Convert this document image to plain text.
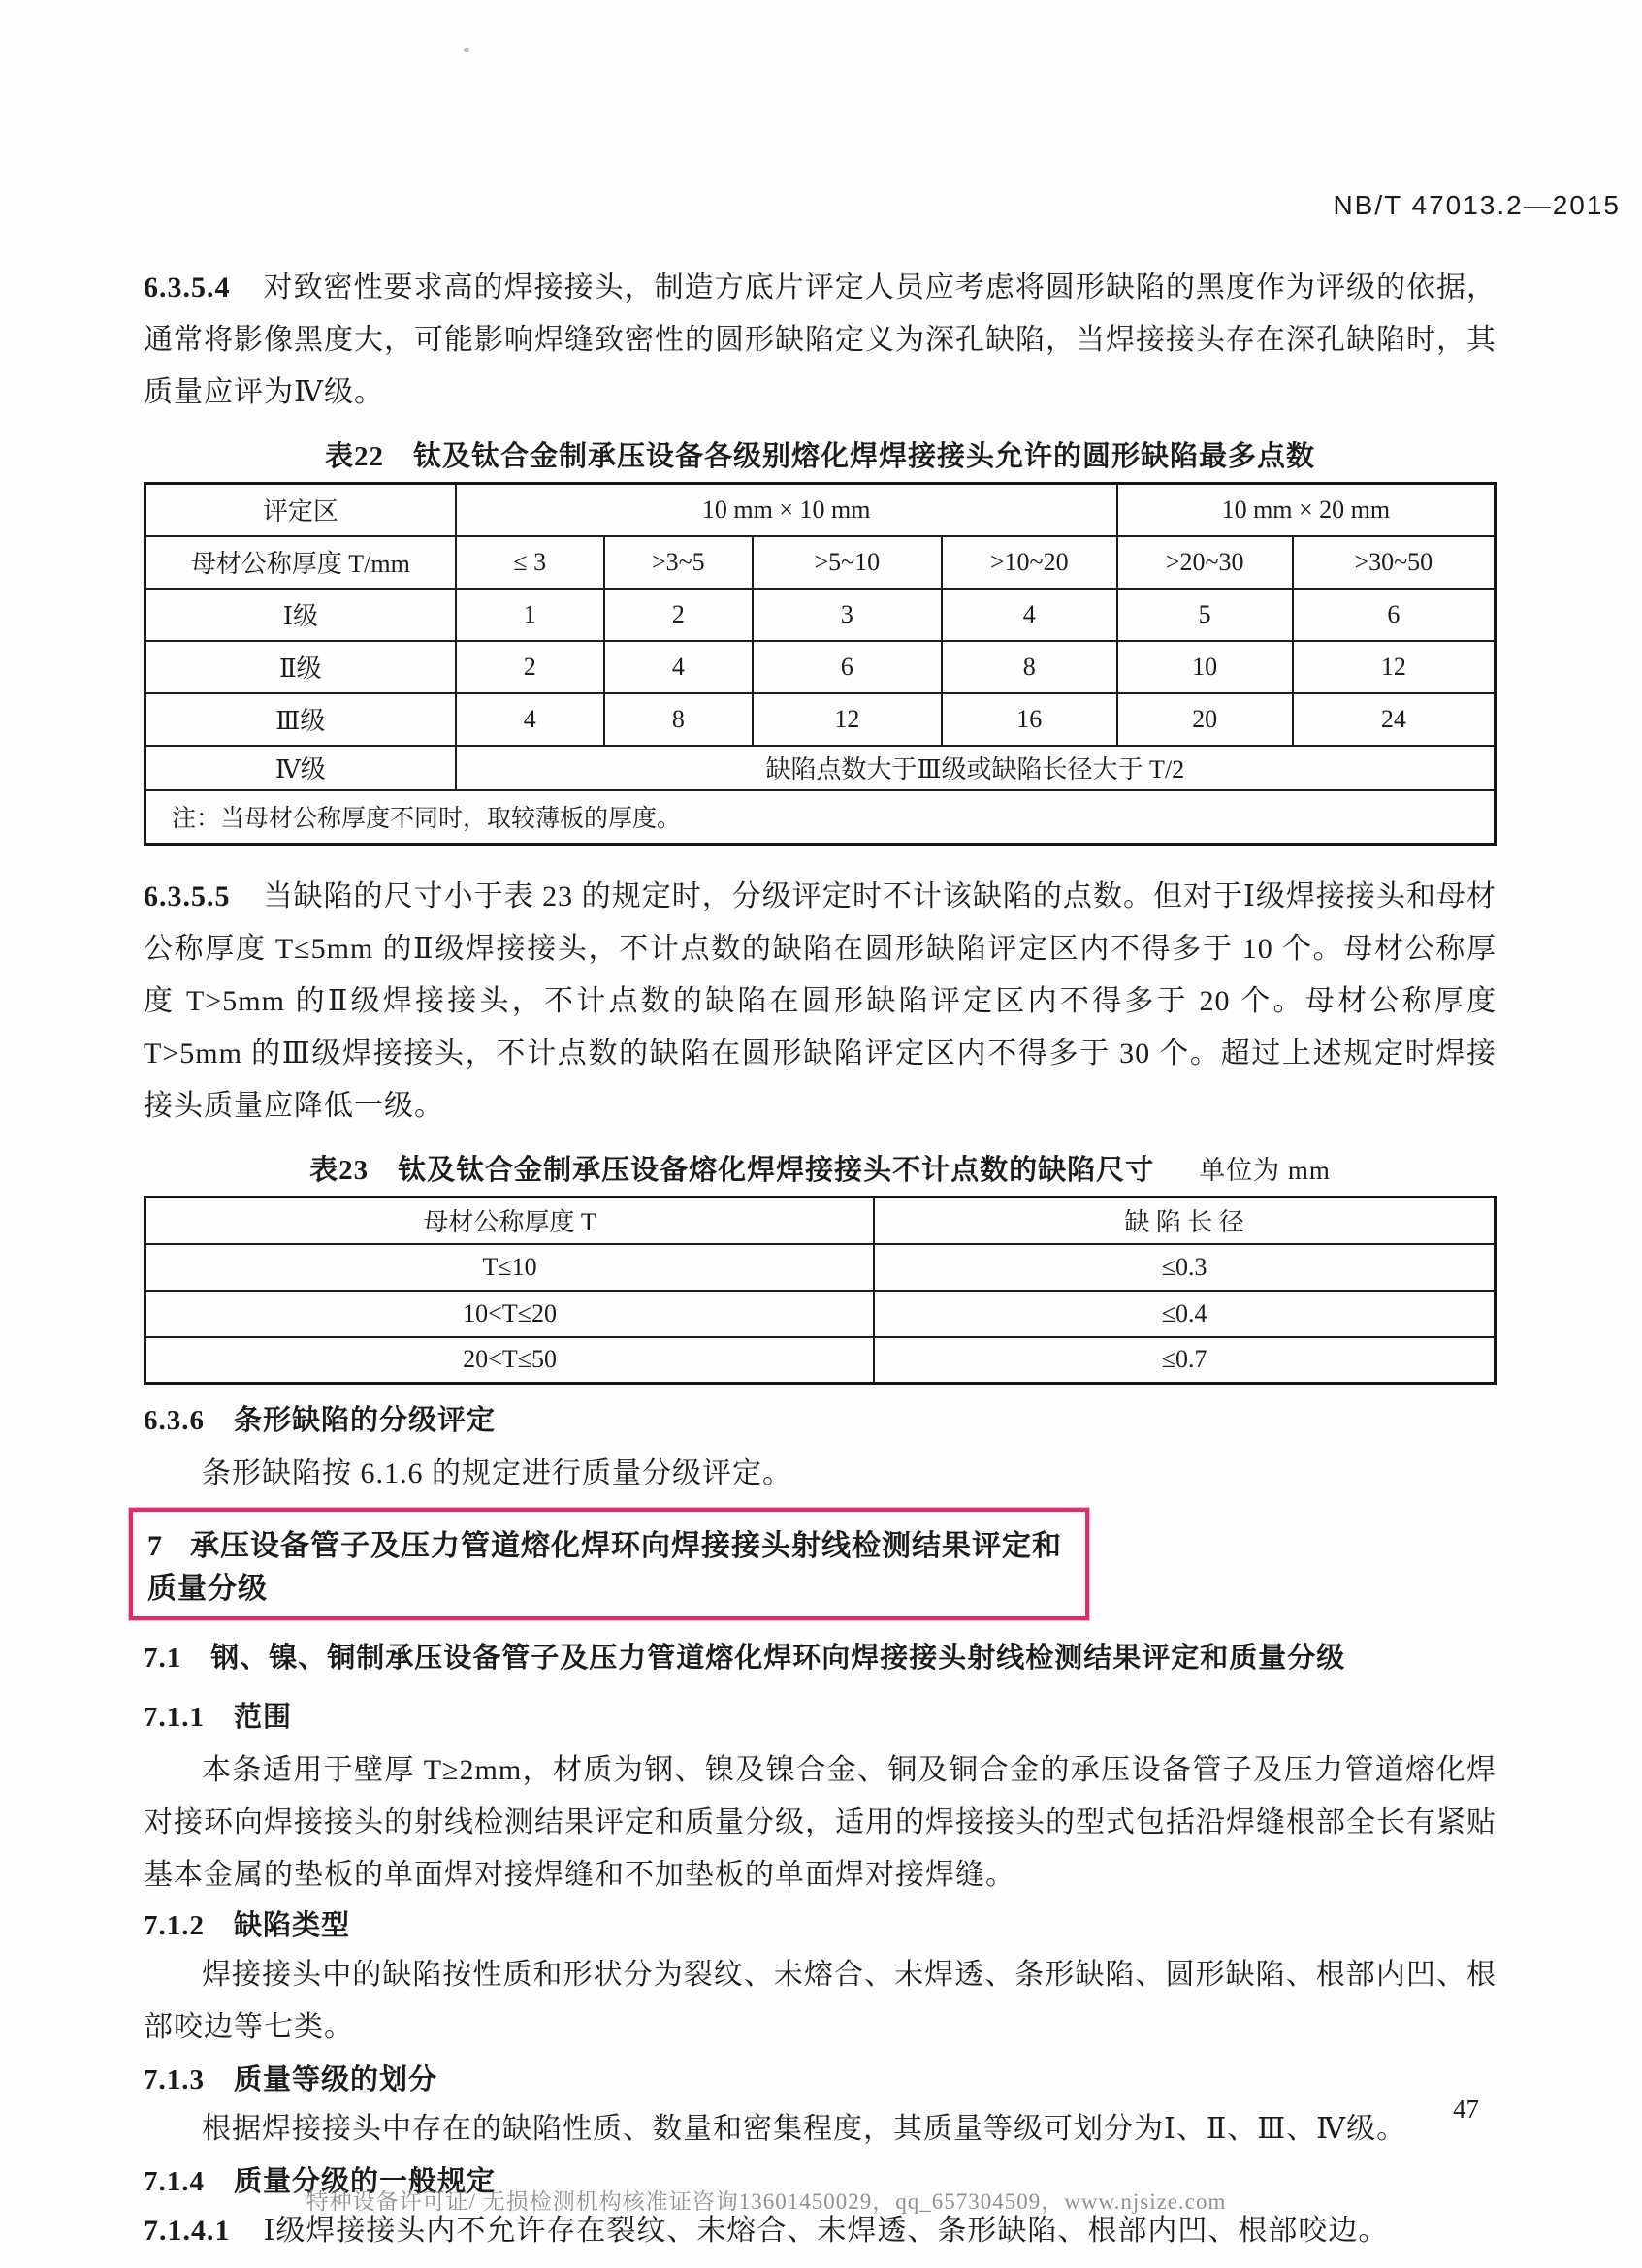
NB/T 47013.2—2015
6.3.5.4 对致密性要求高的焊接接头，制造方底片评定人员应考虑将圆形缺陷的黑度作为评级的依据，通常将影像黑度大，可能影响焊缝致密性的圆形缺陷定义为深孔缺陷，当焊接接头存在深孔缺陷时，其质量应评为Ⅳ级。
表22　钛及钛合金制承压设备各级别熔化焊焊接接头允许的圆形缺陷最多点数
评定区	10 mm × 10 mm				10 mm × 20 mm	
母材公称厚度 T/mm	≤ 3	>3~5	>5~10	>10~20	>20~30	>30~50
Ⅰ级	1	2	3	4	5	6
Ⅱ级	2	4	6	8	10	12
Ⅲ级	4	8	12	16	20	24
Ⅳ级	缺陷点数大于Ⅲ级或缺陷长径大于 T/2					
注：当母材公称厚度不同时，取较薄板的厚度。						
6.3.5.5 当缺陷的尺寸小于表 23 的规定时，分级评定时不计该缺陷的点数。但对于Ⅰ级焊接接头和母材公称厚度 T≤5mm 的Ⅱ级焊接接头，不计点数的缺陷在圆形缺陷评定区内不得多于 10 个。母材公称厚度 T>5mm 的Ⅱ级焊接接头，不计点数的缺陷在圆形缺陷评定区内不得多于 20 个。母材公称厚度 T>5mm 的Ⅲ级焊接接头，不计点数的缺陷在圆形缺陷评定区内不得多于 30 个。超过上述规定时焊接接头质量应降低一级。
表23　钛及钛合金制承压设备熔化焊焊接接头不计点数的缺陷尺寸 单位为 mm
母材公称厚度 T	缺 陷 长 径
T≤10	≤0.3
10<T≤20	≤0.4
20<T≤50	≤0.7
6.3.6 条形缺陷的分级评定
条形缺陷按 6.1.6 的规定进行质量分级评定。
7 承压设备管子及压力管道熔化焊环向焊接接头射线检测结果评定和质量分级
7.1 钢、镍、铜制承压设备管子及压力管道熔化焊环向焊接接头射线检测结果评定和质量分级
7.1.1 范围
本条适用于壁厚 T≥2mm，材质为钢、镍及镍合金、铜及铜合金的承压设备管子及压力管道熔化焊对接环向焊接接头的射线检测结果评定和质量分级，适用的焊接接头的型式包括沿焊缝根部全长有紧贴基本金属的垫板的单面焊对接焊缝和不加垫板的单面焊对接焊缝。
7.1.2 缺陷类型
焊接接头中的缺陷按性质和形状分为裂纹、未熔合、未焊透、条形缺陷、圆形缺陷、根部内凹、根部咬边等七类。
7.1.3 质量等级的划分
根据焊接接头中存在的缺陷性质、数量和密集程度，其质量等级可划分为Ⅰ、Ⅱ、Ⅲ、Ⅳ级。
7.1.4 质量分级的一般规定
7.1.4.1 Ⅰ级焊接接头内不允许存在裂纹、未熔合、未焊透、条形缺陷、根部内凹、根部咬边。
47
特种设备许可证/ 无损检测机构核准证咨询13601450029，qq_657304509，www.njsize.com
